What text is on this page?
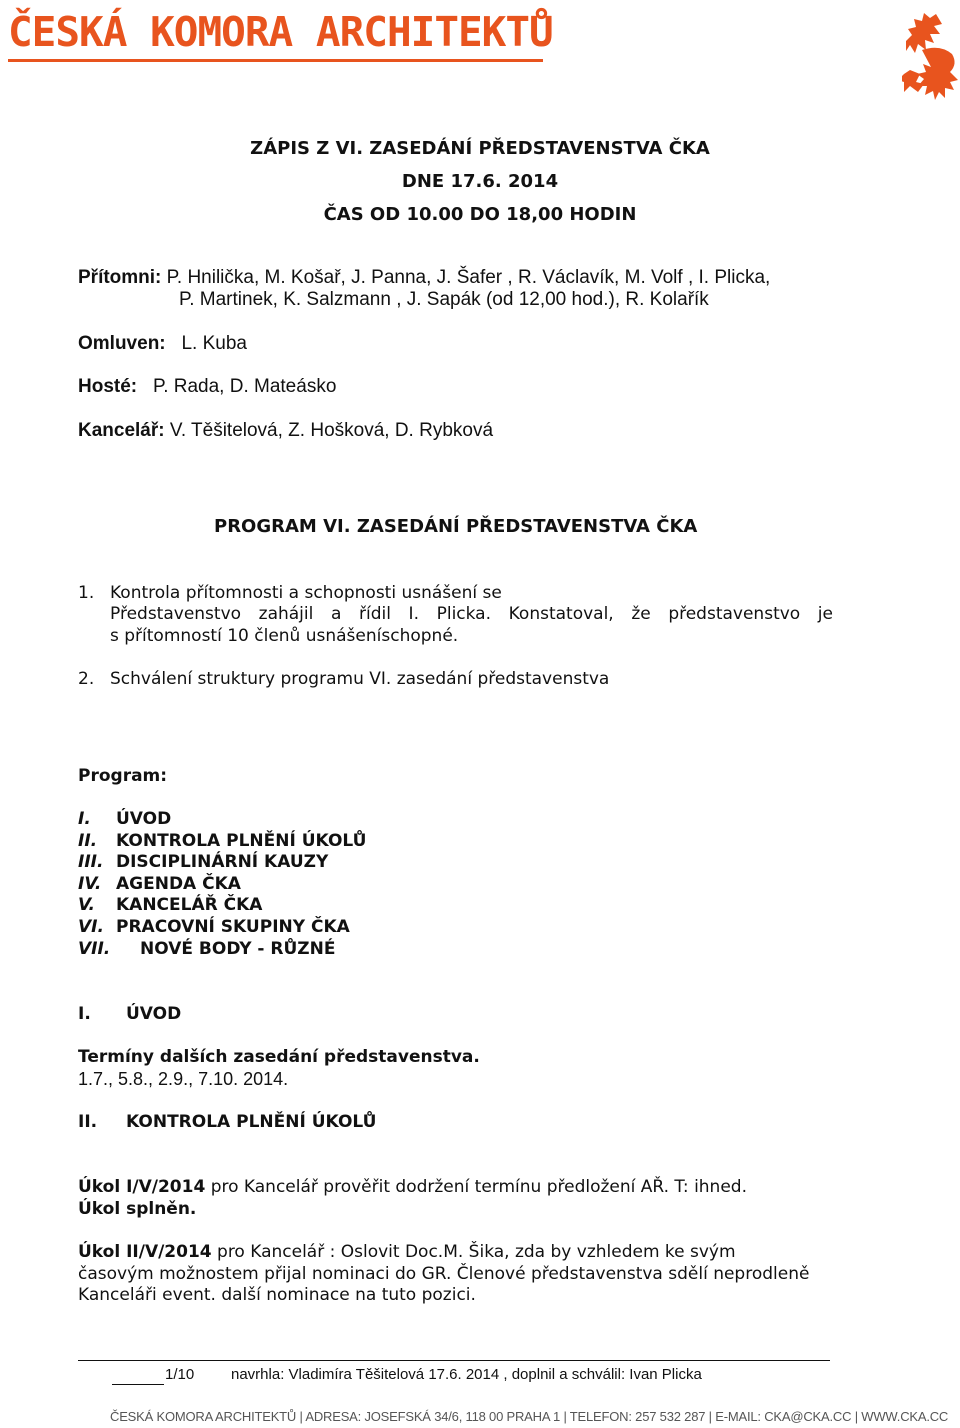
ČESKÁ KOMORA ARCHITEKTŮ
ZÁPIS Z VI. ZASEDÁNÍ PŘEDSTAVENSTVA ČKA
DNE 17.6. 2014
ČAS OD 10.00 DO 18,00 HODIN
Přítomni: P. Hnilička, M. Košař, J. Panna, J. Šafer , R. Václavík, M. Volf , I. Plicka,
P. Martinek, K. Salzmann , J. Sapák (od 12,00 hod.), R. Kolařík
Omluven: L. Kuba
Hosté: P. Rada, D. Mateásko
Kancelář: V. Těšitelová, Z. Hošková, D. Rybková
PROGRAM VI. ZASEDÁNÍ PŘEDSTAVENSTVA ČKA
1. Kontrola přítomnosti a schopnosti usnášení se
Představenstvo zahájil a řídil I. Plicka. Konstatoval, že představenstvo je
s přítomností 10 členů usnášeníschopné.
2. Schválení struktury programu VI. zasedání představenstva
Program:
I. ÚVOD
II. KONTROLA PLNĚNÍ ÚKOLŮ
III. DISCIPLINÁRNÍ KAUZY
IV. AGENDA ČKA
V. KANCELÁŘ ČKA
VI. PRACOVNÍ SKUPINY ČKA
VII. NOVÉ BODY - RŮZNÉ
I. ÚVOD
Termíny dalších zasedání představenstva.
1.7., 5.8., 2.9., 7.10. 2014.
II. KONTROLA PLNĚNÍ ÚKOLŮ
Úkol I/V/2014 pro Kancelář prověřit dodržení termínu předložení AŘ. T: ihned.
Úkol splněn.
Úkol II/V/2014 pro Kancelář : Oslovit Doc.M. Šika, zda by vzhledem ke svým
časovým možnostem přijal nominaci do GR. Členové představenstva sdělí neprodleně
Kanceláři event. další nominace na tuto pozici.
1/10 navrhla: Vladimíra Těšitelová 17.6. 2014 , doplnil a schválil: Ivan Plicka
ČESKÁ KOMORA ARCHITEKTŮ | ADRESA: JOSEFSKÁ 34/6, 118 00 PRAHA 1 | TELEFON: 257 532 287 | E-MAIL: CKA@CKA.CC | WWW.CKA.CC
